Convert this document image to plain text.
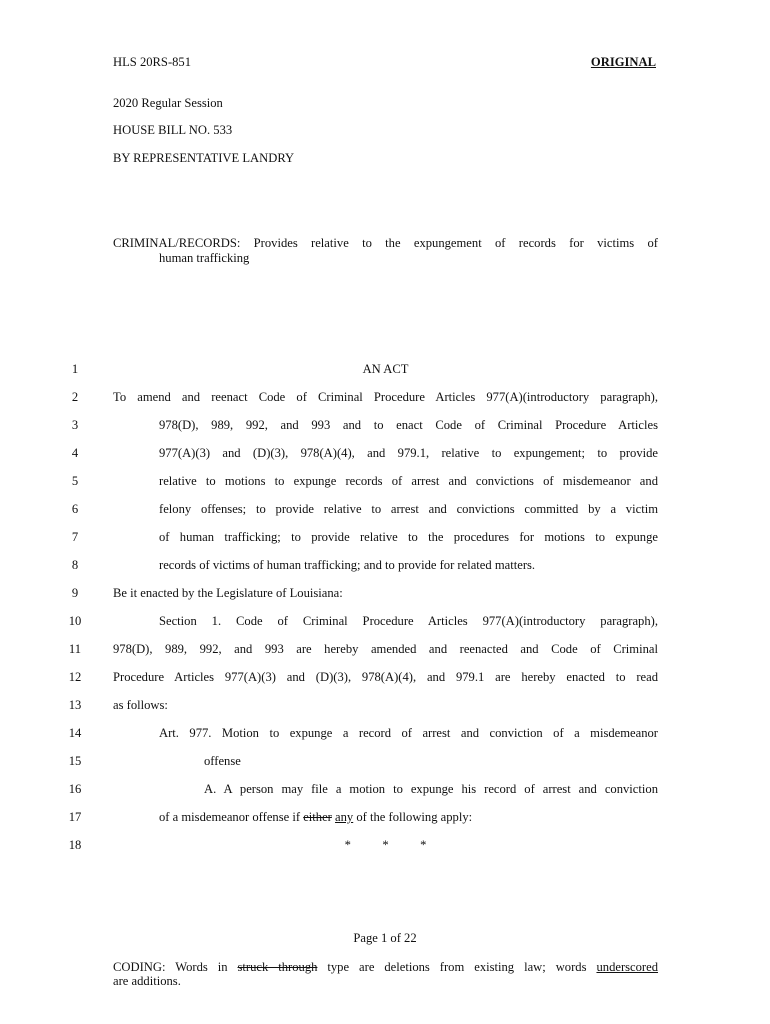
HLS 20RS-851	ORIGINAL
2020 Regular Session
HOUSE BILL NO. 533
BY REPRESENTATIVE LANDRY
CRIMINAL/RECORDS: Provides relative to the expungement of records for victims of
human trafficking
1	AN ACT
2	To amend and reenact Code of Criminal Procedure Articles 977(A)(introductory paragraph),
3	978(D), 989, 992, and 993 and to enact Code of Criminal Procedure Articles
4	977(A)(3) and (D)(3), 978(A)(4), and 979.1, relative to expungement; to provide
5	relative to motions to expunge records of arrest and convictions of misdemeanor and
6	felony offenses; to provide relative to arrest and convictions committed by a victim
7	of human trafficking; to provide relative to the procedures for motions to expunge
8	records of victims of human trafficking; and to provide for related matters.
9	Be it enacted by the Legislature of Louisiana:
10	Section 1. Code of Criminal Procedure Articles 977(A)(introductory paragraph),
11	978(D), 989, 992, and 993 are hereby amended and reenacted and Code of Criminal
12	Procedure Articles 977(A)(3) and (D)(3), 978(A)(4), and 979.1 are hereby enacted to read
13	as follows:
14	Art. 977. Motion to expunge a record of arrest and conviction of a misdemeanor
15	offense
16	A. A person may file a motion to expunge his record of arrest and conviction
17	of a misdemeanor offense if either any of the following apply:
18	*          *          *
Page 1 of 22
CODING: Words in struck through type are deletions from existing law; words underscored
are additions.
